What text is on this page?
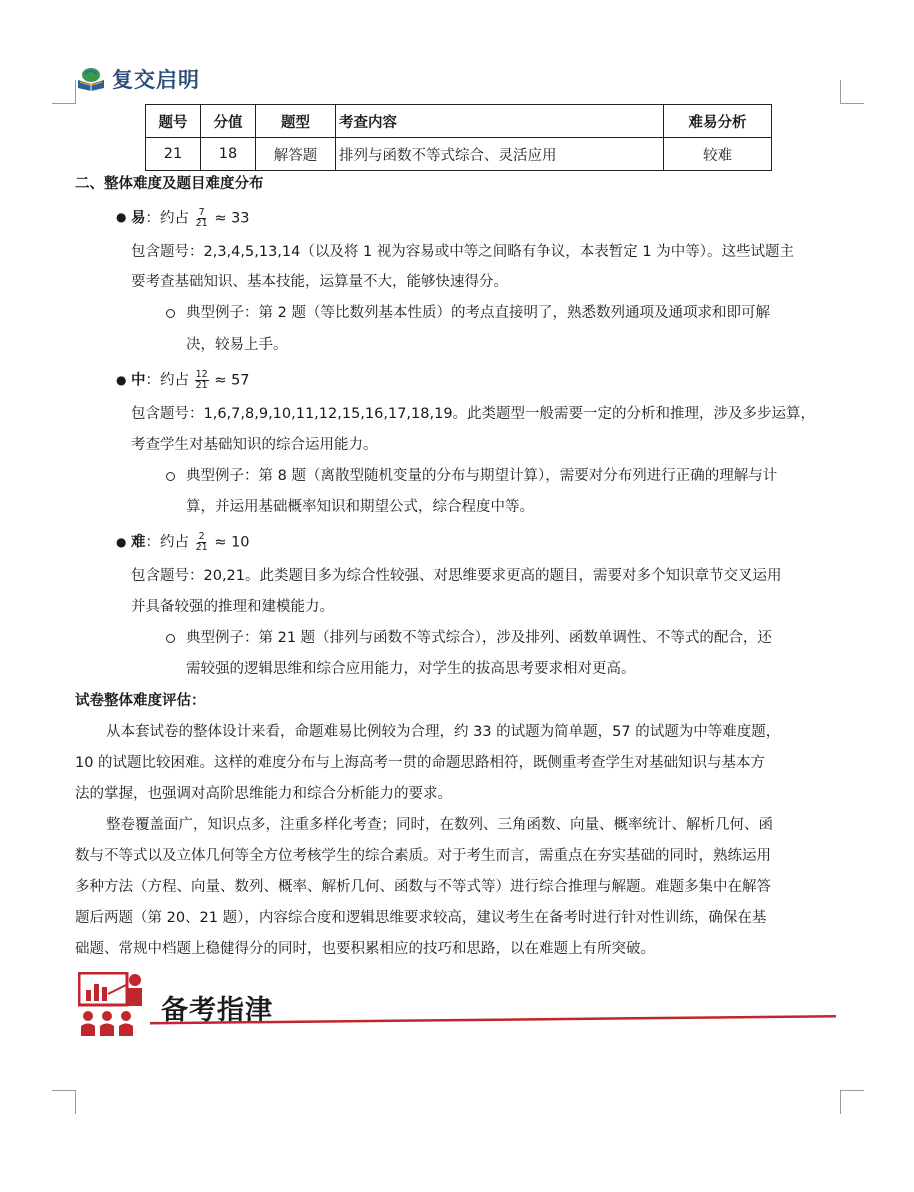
复交启明
题号	分值	题型	考查内容	难易分析
21	18	解答题	排列与函数不等式综合、灵活应用	较难
二、整体难度及题目难度分布
● 易：约占 $\frac{7}{21} \approx 33$
包含题号：2,3,4,5,13,14（以及将 1 视为容易或中等之间略有争议，本表暂定 1 为中等）。这些试题主
要考查基础知识、基本技能，运算量不大，能够快速得分。
典型例子：第 2 题（等比数列基本性质）的考点直接明了，熟悉数列通项及通项求和即可解
决，较易上手。
● 中：约占 $\frac{12}{21} \approx 57$
包含题号：1,6,7,8,9,10,11,12,15,16,17,18,19。此类题型一般需要一定的分析和推理，涉及多步运算，
考查学生对基础知识的综合运用能力。
典型例子：第 8 题（离散型随机变量的分布与期望计算），需要对分布列进行正确的理解与计
算，并运用基础概率知识和期望公式，综合程度中等。
● 难：约占 $\frac{2}{21} \approx 10$
包含题号：20,21。此类题目多为综合性较强、对思维要求更高的题目，需要对多个知识章节交叉运用
并具备较强的推理和建模能力。
典型例子：第 21 题（排列与函数不等式综合），涉及排列、函数单调性、不等式的配合，还
需较强的逻辑思维和综合应用能力，对学生的拔高思考要求相对更高。
试卷整体难度评估：
从本套试卷的整体设计来看，命题难易比例较为合理，约 33 的试题为简单题，57 的试题为中等难度题，
10 的试题比较困难。这样的难度分布与上海高考一贯的命题思路相符，既侧重考查学生对基础知识与基本方
法的掌握，也强调对高阶思维能力和综合分析能力的要求。
整卷覆盖面广，知识点多，注重多样化考查；同时，在数列、三角函数、向量、概率统计、解析几何、函
数与不等式以及立体几何等全方位考核学生的综合素质。对于考生而言，需重点在夯实基础的同时，熟练运用
多种方法（方程、向量、数列、概率、解析几何、函数与不等式等）进行综合推理与解题。难题多集中在解答
题后两题（第 20、21 题），内容综合度和逻辑思维要求较高，建议考生在备考时进行针对性训练，确保在基
础题、常规中档题上稳健得分的同时，也要积累相应的技巧和思路，以在难题上有所突破。
备考指津
